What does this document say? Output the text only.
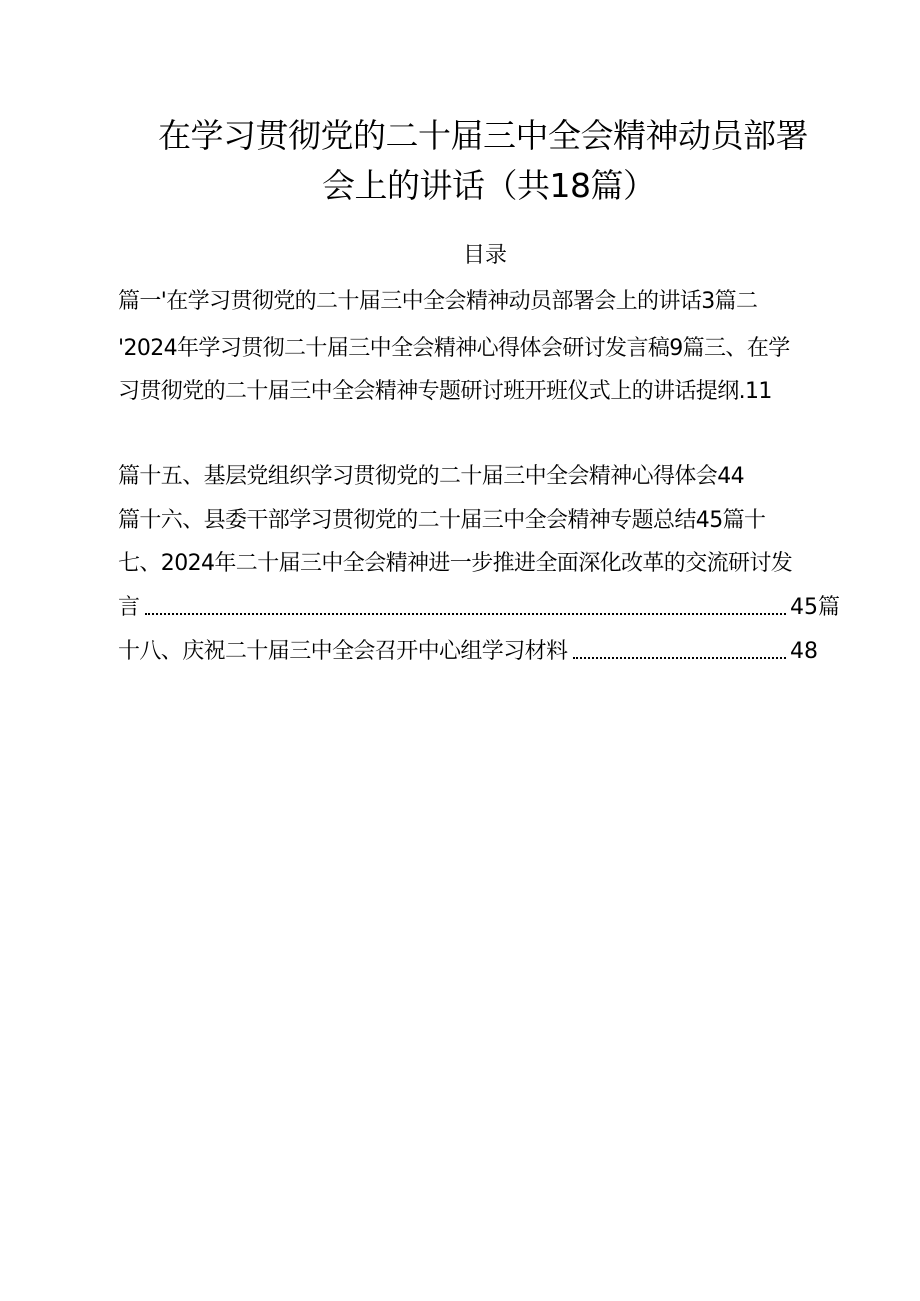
在学习贯彻党的二十届三中全会精神动员部署
会上的讲话（共18篇）
目录
篇一'在学习贯彻党的二十届三中全会精神动员部署会上的讲话3篇二
'2024年学习贯彻二十届三中全会精神心得体会研讨发言稿9篇三、在学
习贯彻党的二十届三中全会精神专题研讨班开班仪式上的讲话提纲.11
篇十五、基层党组织学习贯彻党的二十届三中全会精神心得体会44
篇十六、县委干部学习贯彻党的二十届三中全会精神专题总结45篇十
七、2024年二十届三中全会精神进一步推进全面深化改革的交流研讨发
言	45篇
十八、庆祝二十届三中全会召开中心组学习材料	48
